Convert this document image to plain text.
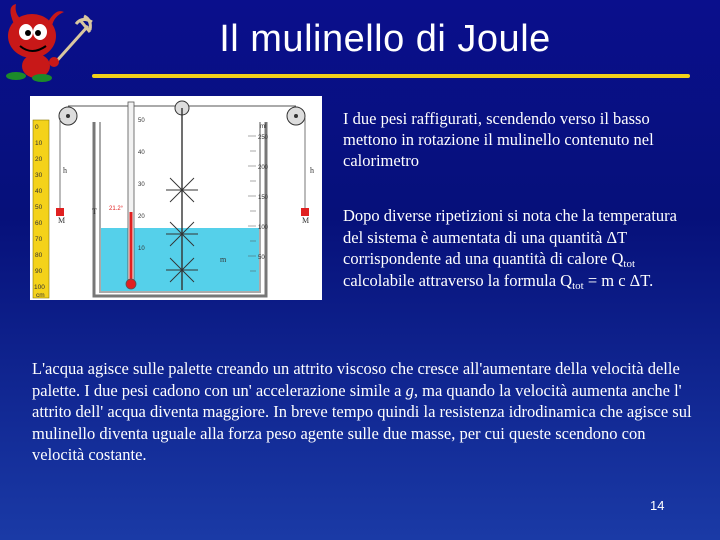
Il mulinello di Joule
0
10
20
30
40
50
60
70
80
90
100
cm
50
40
30
20
10
21.2°
ml
250
200
150
100
50
h	h
M	M
T
m

I due pesi raffigurati, scendendo verso il basso mettono in rotazione il mulinello contenuto nel calorimetro

Dopo diverse ripetizioni si nota che la temperatura del sistema è aumentata di una quantità ΔT corrispondente ad una quantità di calore $Q_{tot}$ calcolabile attraverso la formula $Q_{tot} = m$ c ΔT.

L'acqua agisce sulle palette creando un attrito viscoso che cresce all'aumentare della velocità delle palette. I due pesi cadono con un' accelerazione simile a g, ma quando la velocità aumenta anche l' attrito dell' acqua diventa maggiore. In breve tempo quindi la resistenza idrodinamica che agisce sul mulinello diventa uguale alla forza peso agente sulle due masse, per cui queste scendono con velocità costante.

14
